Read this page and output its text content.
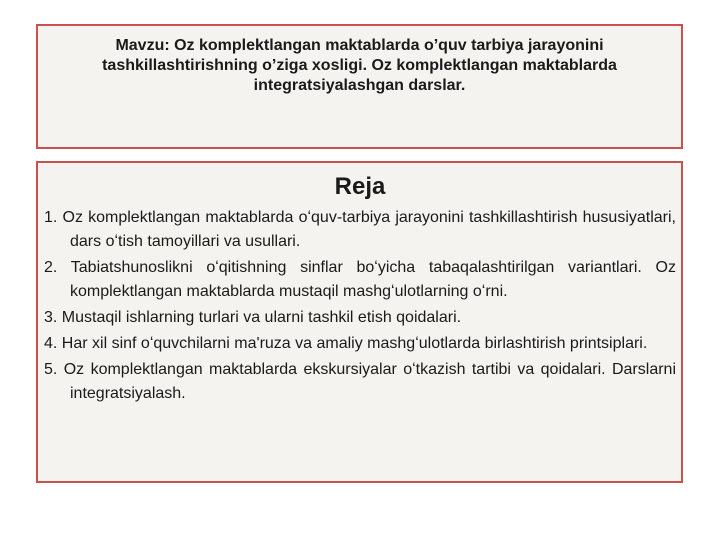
Mavzu: Oz komplektlangan maktablarda o’quv tarbiya jarayonini tashkillashtirishning o’ziga xosligi. Oz komplektlangan maktablarda integratsiyalashgan darslar.
Reja
1. Oz komplektlangan maktablarda oʻquv-tarbiya jarayonini tashkillashtirish hususiyatlari, dars oʻtish tamoyillari va usullari.
2. Tabiatshunoslikni oʻqitishning sinflar boʻyicha tabaqalashtirilgan variantlari. Oz komplektlangan maktablarda mustaqil mashgʻulotlarning oʻrni.
3. Mustaqil ishlarning turlari va ularni tashkil etish qoidalari.
4. Har xil sinf oʻquvchilarni ma'ruza va amaliy mashgʻulotlarda birlashtirish printsiplari.
5. Oz komplektlangan maktablarda ekskursiyalar oʻtkazish tartibi va qoidalari. Darslarni integratsiyalash.
